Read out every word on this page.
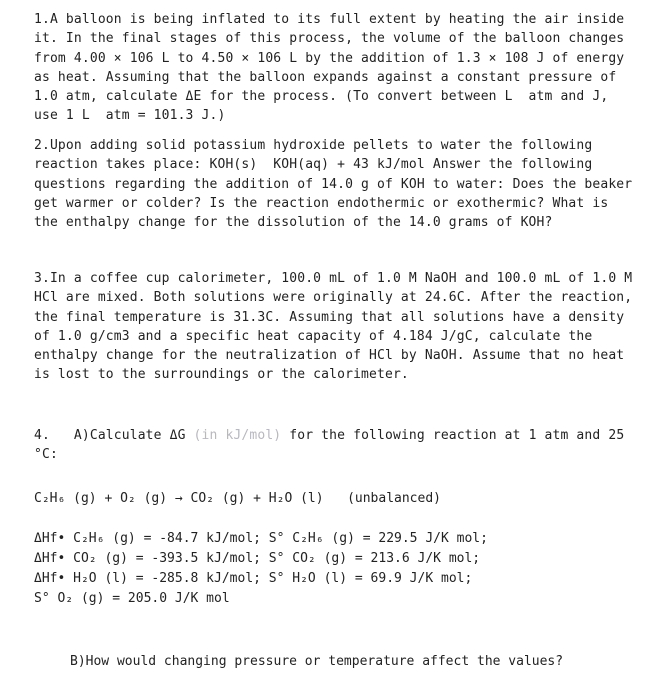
1.A balloon is being inflated to its full extent by heating the air inside it. In the final stages of this process, the volume of the balloon changes from 4.00 × 106 L to 4.50 × 106 L by the addition of 1.3 × 108 J of energy as heat. Assuming that the balloon expands against a constant pressure of 1.0 atm, calculate ΔE for the process. (To convert between L  atm and J, use 1 L  atm = 101.3 J.)
2.Upon adding solid potassium hydroxide pellets to water the following reaction takes place: KOH(s)  KOH(aq) + 43 kJ/mol Answer the following questions regarding the addition of 14.0 g of KOH to water: Does the beaker get warmer or colder? Is the reaction endothermic or exothermic? What is the enthalpy change for the dissolution of the 14.0 grams of KOH?
3.In a coffee cup calorimeter, 100.0 mL of 1.0 M NaOH and 100.0 mL of 1.0 M HCl are mixed. Both solutions were originally at 24.6C. After the reaction, the final temperature is 31.3C. Assuming that all solutions have a density of 1.0 g/cm3 and a specific heat capacity of 4.184 J/gC, calculate the enthalpy change for the neutralization of HCl by NaOH. Assume that no heat is lost to the surroundings or the calorimeter.
4.   A)Calculate ΔG (in kJ/mol) for the following reaction at 1 atm and 25 °C:
C₂H₆ (g) + O₂ (g) → CO₂ (g) + H₂O (l)   (unbalanced)
ΔHf• C₂H₆ (g) = -84.7 kJ/mol; S° C₂H₆ (g) = 229.5 J/K mol;
ΔHf• CO₂ (g) = -393.5 kJ/mol; S° CO₂ (g) = 213.6 J/K mol;
ΔHf• H₂O (l) = -285.8 kJ/mol; S° H₂O (l) = 69.9 J/K mol;
S° O₂ (g) = 205.0 J/K mol
B)How would changing pressure or temperature affect the values?
